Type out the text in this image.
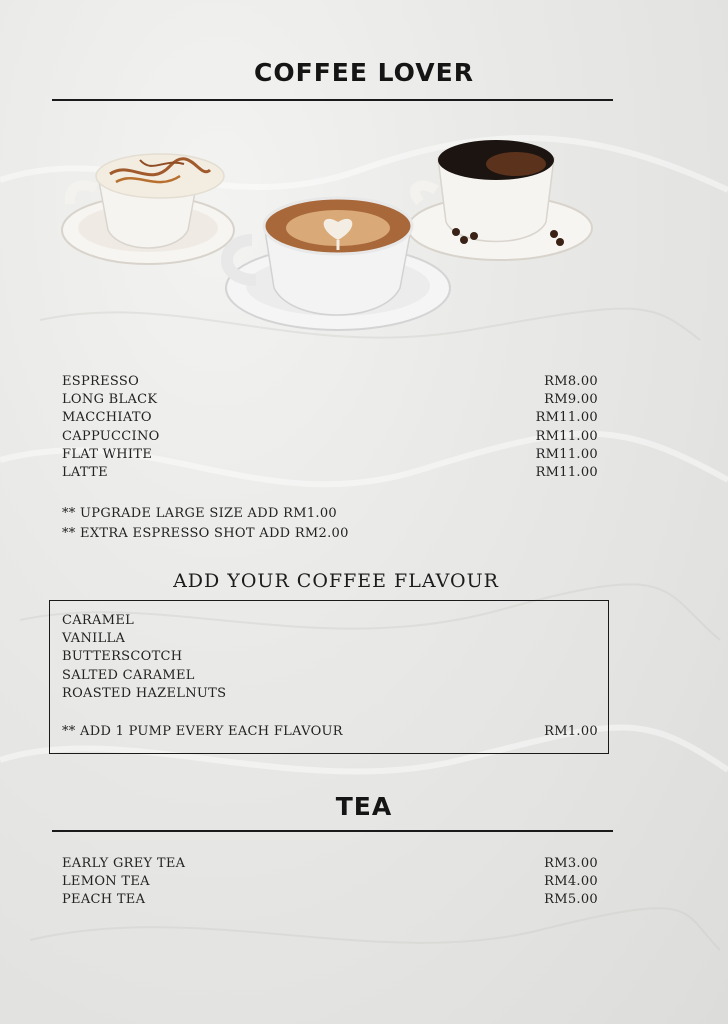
COFFEE LOVER
ESPRESSO	RM8.00
LONG BLACK	RM9.00
MACCHIATO	RM11.00
CAPPUCCINO	RM11.00
FLAT WHITE	RM11.00
LATTE	RM11.00
** UPGRADE LARGE SIZE ADD RM1.00
** EXTRA ESPRESSO SHOT ADD RM2.00
ADD YOUR COFFEE FLAVOUR
CARAMEL
VANILLA
BUTTERSCOTCH
SALTED CARAMEL
ROASTED HAZELNUTS
** ADD 1 PUMP EVERY EACH FLAVOUR	RM1.00
TEA
EARLY GREY TEA	RM3.00
LEMON TEA	RM4.00
PEACH TEA	RM5.00
